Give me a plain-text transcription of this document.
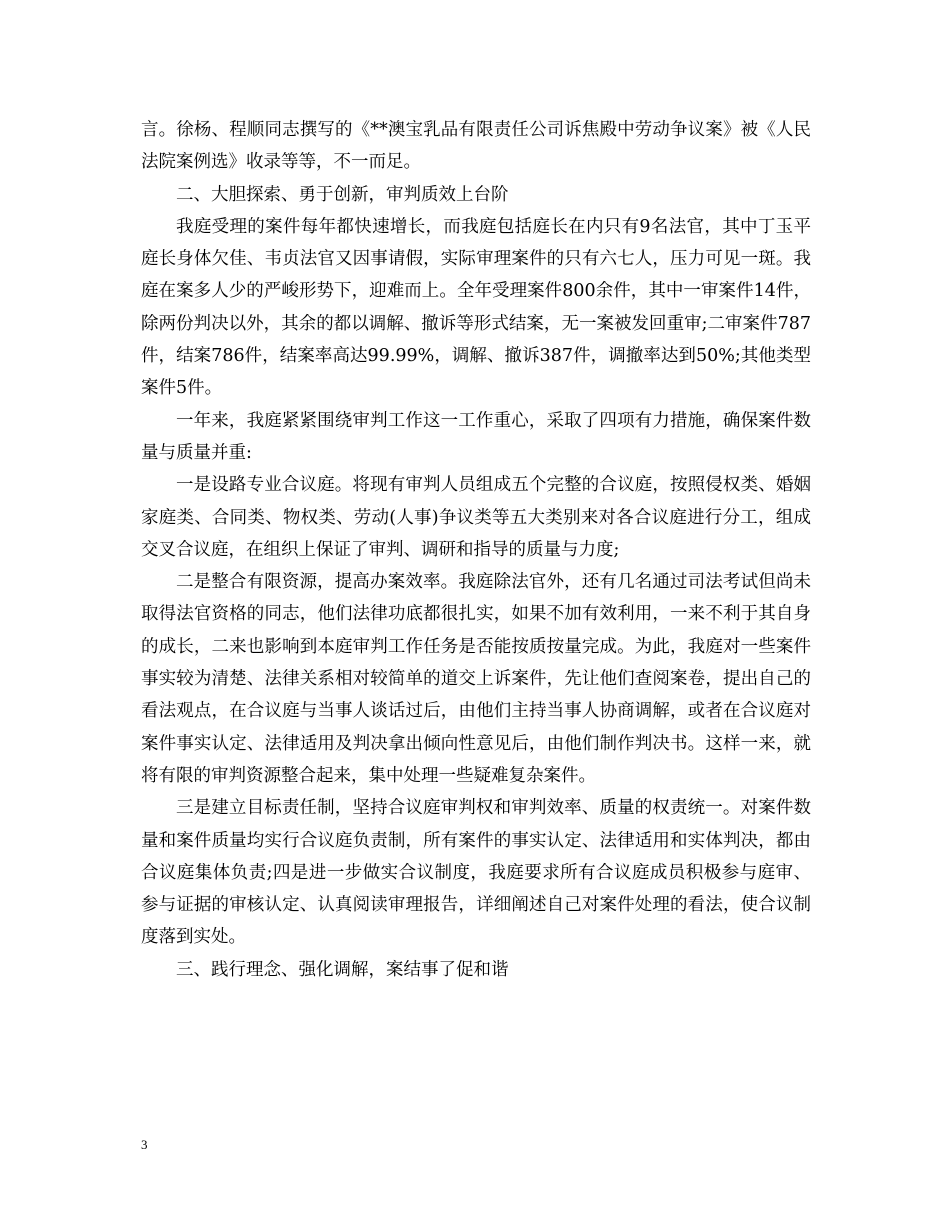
言。徐杨、程顺同志撰写的《**澳宝乳品有限责任公司诉焦殿中劳动争议案》被《人民法院案例选》收录等等，不一而足。

二、大胆探索、勇于创新，审判质效上台阶

我庭受理的案件每年都快速增长，而我庭包括庭长在内只有9名法官，其中丁玉平庭长身体欠佳、韦贞法官又因事请假，实际审理案件的只有六七人，压力可见一斑。我庭在案多人少的严峻形势下，迎难而上。全年受理案件800余件，其中一审案件14件，除两份判决以外，其余的都以调解、撤诉等形式结案，无一案被发回重审;二审案件787件，结案786件，结案率高达99.99%，调解、撤诉387件，调撤率达到50%;其他类型案件5件。

一年来，我庭紧紧围绕审判工作这一工作重心，采取了四项有力措施，确保案件数量与质量并重:

一是设路专业合议庭。将现有审判人员组成五个完整的合议庭，按照侵权类、婚姻家庭类、合同类、物权类、劳动(人事)争议类等五大类别来对各合议庭进行分工，组成交叉合议庭，在组织上保证了审判、调研和指导的质量与力度;

二是整合有限资源，提高办案效率。我庭除法官外，还有几名通过司法考试但尚未取得法官资格的同志，他们法律功底都很扎实，如果不加有效利用，一来不利于其自身的成长，二来也影响到本庭审判工作任务是否能按质按量完成。为此，我庭对一些案件事实较为清楚、法律关系相对较简单的道交上诉案件，先让他们查阅案卷，提出自己的看法观点，在合议庭与当事人谈话过后，由他们主持当事人协商调解，或者在合议庭对案件事实认定、法律适用及判决拿出倾向性意见后，由他们制作判决书。这样一来，就将有限的审判资源整合起来，集中处理一些疑难复杂案件。

三是建立目标责任制，坚持合议庭审判权和审判效率、质量的权责统一。对案件数量和案件质量均实行合议庭负责制，所有案件的事实认定、法律适用和实体判决，都由合议庭集体负责;四是进一步做实合议制度，我庭要求所有合议庭成员积极参与庭审、参与证据的审核认定、认真阅读审理报告，详细阐述自己对案件处理的看法，使合议制度落到实处。

三、践行理念、强化调解，案结事了促和谐

3
